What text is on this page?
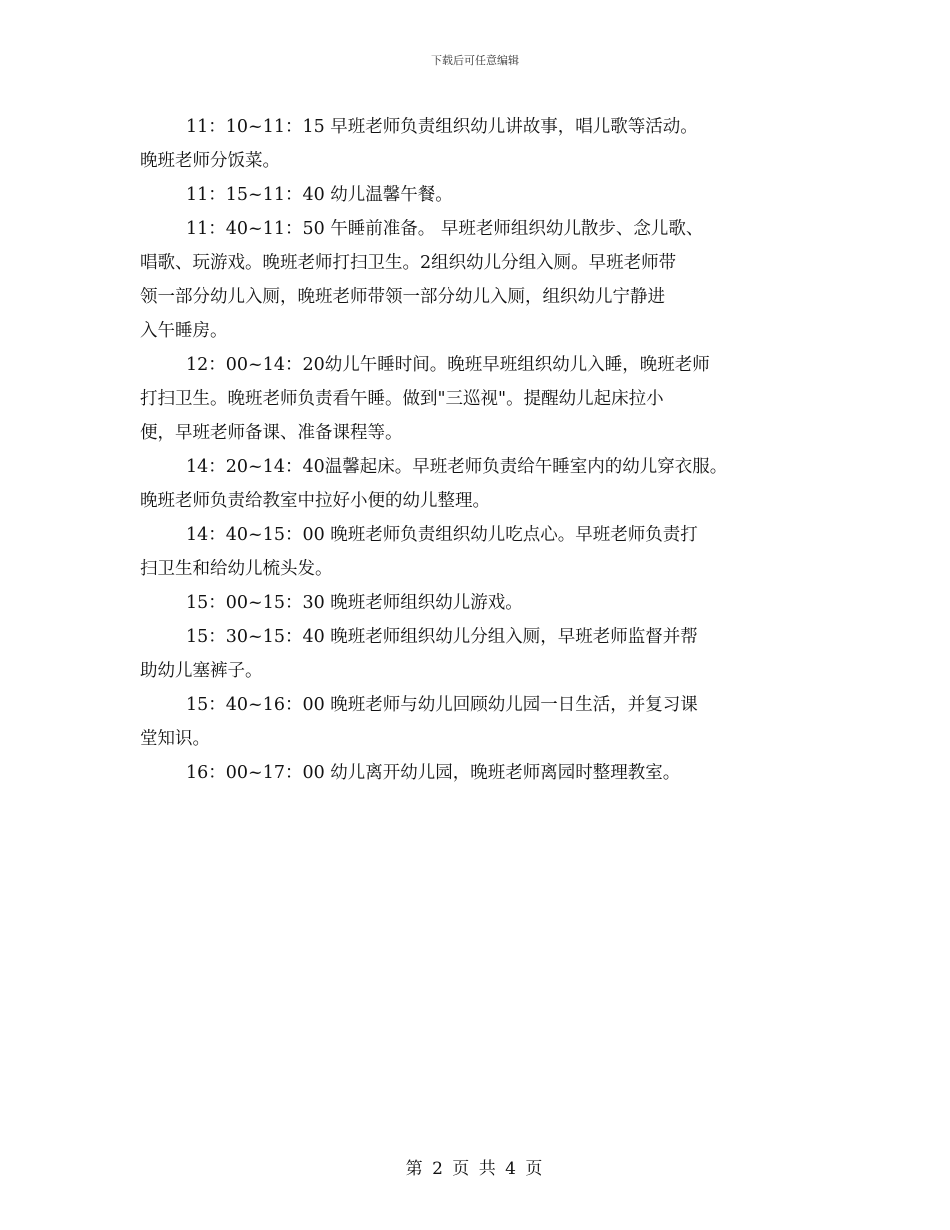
下载后可任意编辑
11：10~11：15 早班老师负责组织幼儿讲故事，唱儿歌等活动。
晚班老师分饭菜。
11：15~11：40 幼儿温馨午餐。
11：40~11：50 午睡前准备。 早班老师组织幼儿散步、念儿歌、
唱歌、玩游戏。晚班老师打扫卫生。2组织幼儿分组入厕。早班老师带
领一部分幼儿入厕，晚班老师带领一部分幼儿入厕，组织幼儿宁静进
入午睡房。
12：00~14：20幼儿午睡时间。晚班早班组织幼儿入睡，晚班老师
打扫卫生。晚班老师负责看午睡。做到"三巡视"。提醒幼儿起床拉小
便，早班老师备课、准备课程等。
14：20~14：40温馨起床。早班老师负责给午睡室内的幼儿穿衣服。
晚班老师负责给教室中拉好小便的幼儿整理。
14：40~15：00 晚班老师负责组织幼儿吃点心。早班老师负责打
扫卫生和给幼儿梳头发。
15：00~15：30 晚班老师组织幼儿游戏。
15：30~15：40 晚班老师组织幼儿分组入厕，早班老师监督并帮
助幼儿塞裤子。
15：40~16：00 晚班老师与幼儿回顾幼儿园一日生活，并复习课
堂知识。
16：00~17：00 幼儿离开幼儿园，晚班老师离园时整理教室。
第 2 页 共 4 页
